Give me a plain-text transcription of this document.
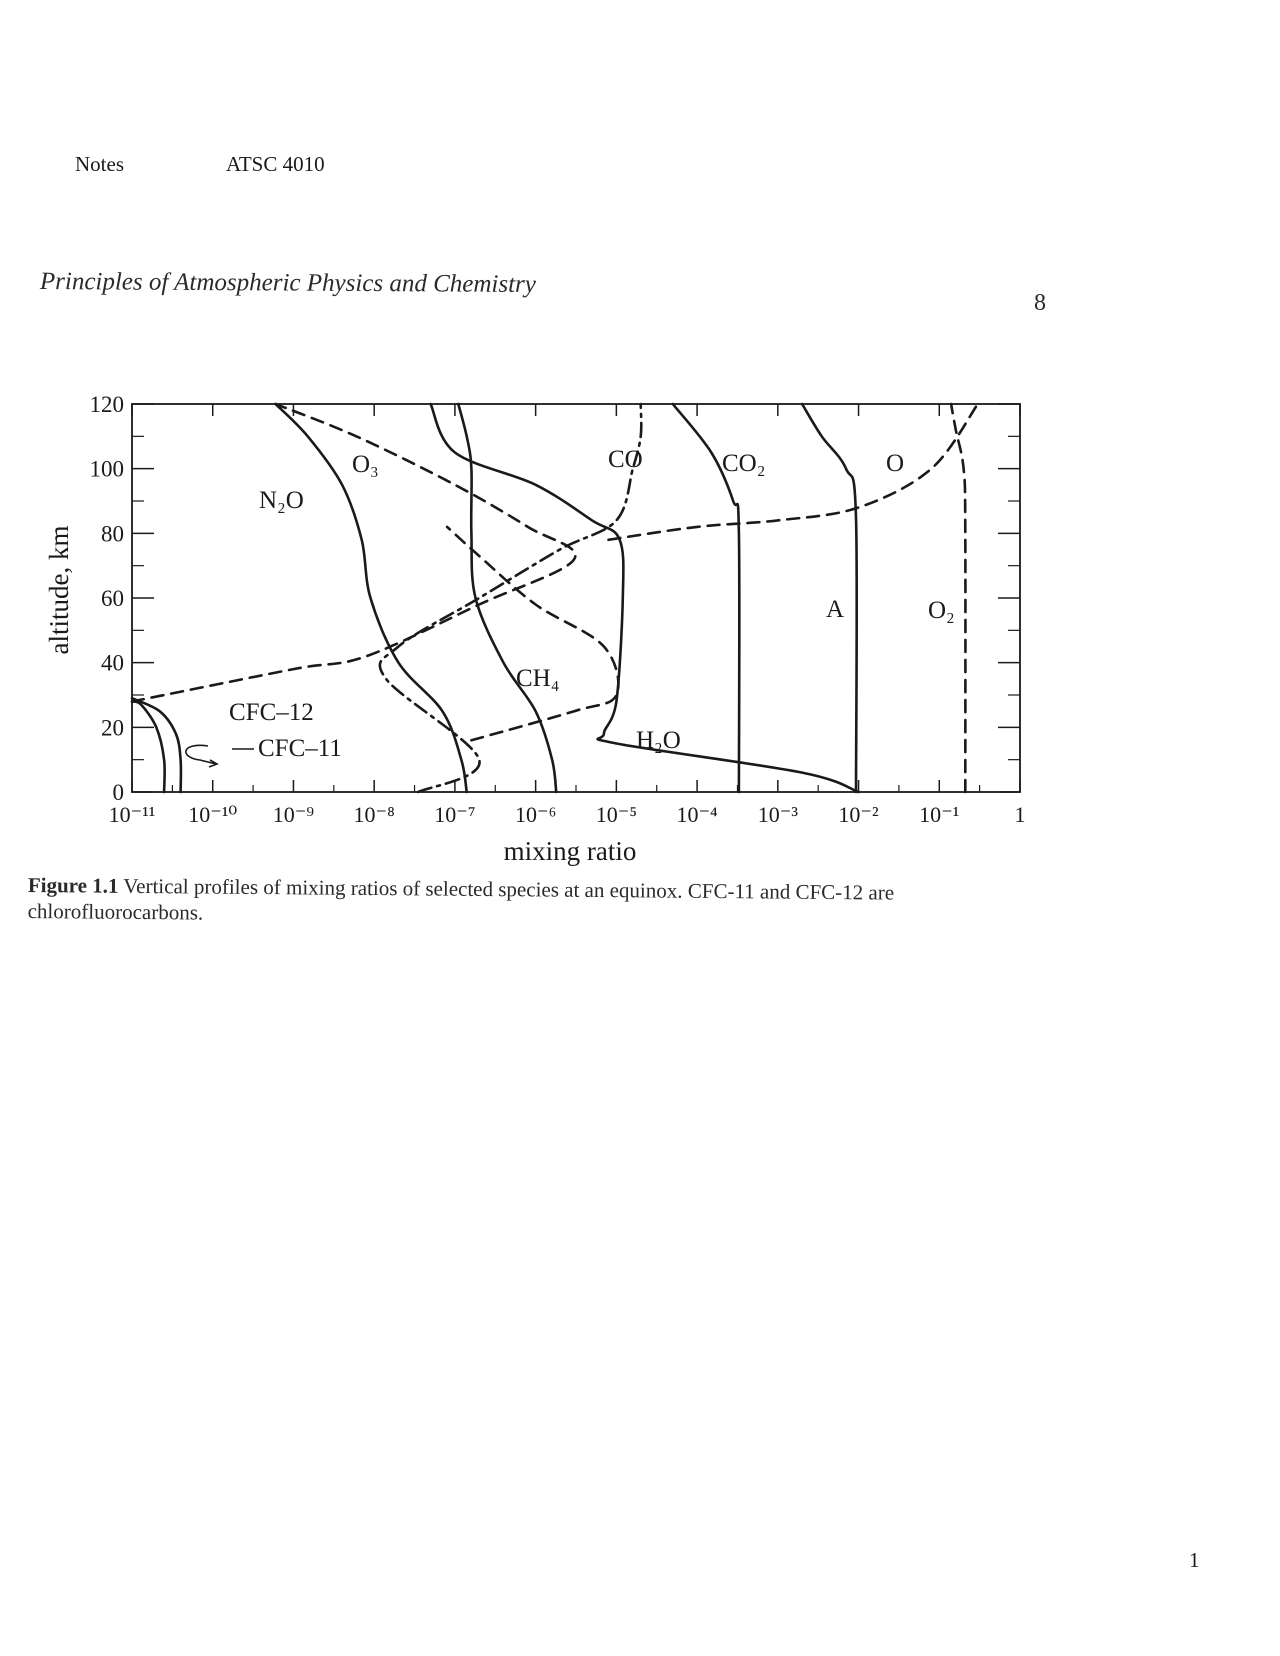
Notes	ATSC 4010
Principles of Atmospheric Physics and Chemistry
8
10⁻¹¹ 10⁻¹⁰ 10⁻⁹ 10⁻⁸ 10⁻⁷ 10⁻⁶ 10⁻⁵ 10⁻⁴ 10⁻³ 10⁻² 10⁻¹	1
0
20
40
60
80
100
120
mixing ratio
altitude, km
O₃
N₂O
CO	CO₂	O
A	O₂
CH₄
H₂O
CFC–12
CFC–11
Figure 1.1 Vertical profiles of mixing ratios of selected species at an equinox. CFC-11 and CFC-12 are chlorofluorocarbons.
1
